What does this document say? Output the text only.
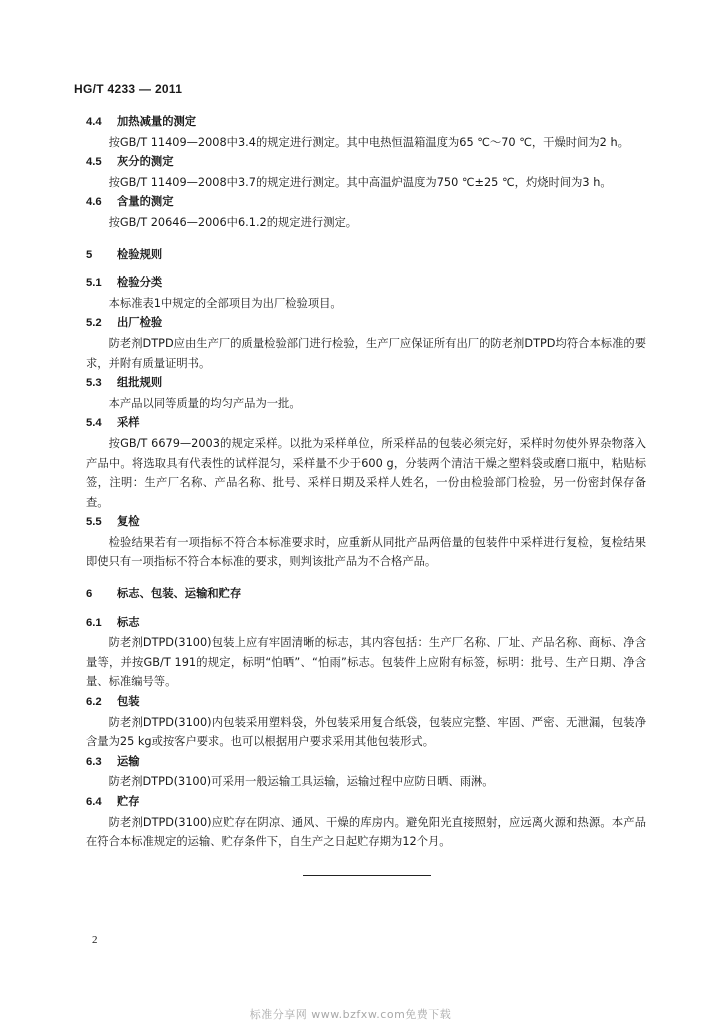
HG/T 4233 — 2011

4.4 加热减量的测定

按GB/T 11409—2008中3.4的规定进行测定。其中电热恒温箱温度为65 ℃～70 ℃，干燥时间为2 h。

4.5 灰分的测定

按GB/T 11409—2008中3.7的规定进行测定。其中高温炉温度为750 ℃±25 ℃，灼烧时间为3 h。

4.6 含量的测定

按GB/T 20646—2006中6.1.2的规定进行测定。

5 检验规则

5.1 检验分类

本标准表1中规定的全部项目为出厂检验项目。

5.2 出厂检验

防老剂DTPD应由生产厂的质量检验部门进行检验，生产厂应保证所有出厂的防老剂DTPD均符合本标准的要求，并附有质量证明书。

5.3 组批规则

本产品以同等质量的均匀产品为一批。

5.4 采样

按GB/T 6679—2003的规定采样。以批为采样单位，所采样品的包装必须完好，采样时勿使外界杂物落入产品中。将选取具有代表性的试样混匀，采样量不少于600 g，分装两个清洁干燥之塑料袋或磨口瓶中，粘贴标签，注明：生产厂名称、产品名称、批号、采样日期及采样人姓名，一份由检验部门检验，另一份密封保存备查。

5.5 复检

检验结果若有一项指标不符合本标准要求时，应重新从同批产品两倍量的包装件中采样进行复检，复检结果即使只有一项指标不符合本标准的要求，则判该批产品为不合格产品。

6 标志、包装、运输和贮存

6.1 标志

防老剂DTPD(3100)包装上应有牢固清晰的标志，其内容包括：生产厂名称、厂址、产品名称、商标、净含量等，并按GB/T 191的规定，标明“怕晒”、“怕雨”标志。包装件上应附有标签，标明：批号、生产日期、净含量、标准编号等。

6.2 包装

防老剂DTPD(3100)内包装采用塑料袋，外包装采用复合纸袋，包装应完整、牢固、严密、无泄漏，包装净含量为25 kg或按客户要求。也可以根据用户要求采用其他包装形式。

6.3 运输

防老剂DTPD(3100)可采用一般运输工具运输，运输过程中应防日晒、雨淋。

6.4 贮存

防老剂DTPD(3100)应贮存在阴凉、通风、干燥的库房内。避免阳光直接照射，应远离火源和热源。本产品在符合本标准规定的运输、贮存条件下，自生产之日起贮存期为12个月。

2
标准分享网 www.bzfxw.com免费下载
